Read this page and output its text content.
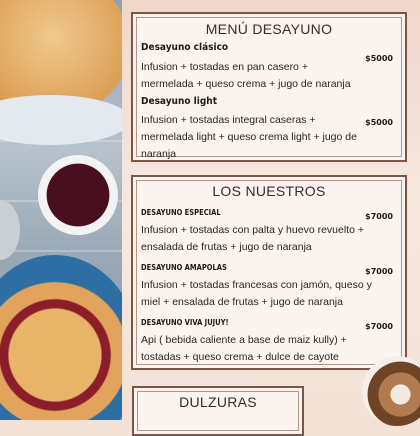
MENÚ DESAYUNO
Desayuno clásico
Infusion + tostadas en pan casero + mermelada + queso crema + jugo de naranja
$5000
Desayuno light
Infusion + tostadas integral caseras + mermelada light + queso crema light + jugo de naranja
$5000
LOS NUESTROS
DESAYUNO ESPECIAL
Infusion + tostadas con palta y huevo revuelto + ensalada de frutas + jugo de naranja
$7000
DESAYUNO AMAPOLAS
Infusion + tostadas francesas con jamón, queso y miel + ensalada de frutas + jugo de naranja
$7000
DESAYUNO VIVA JUJUY!
Api ( bebida caliente a base de maiz kully) + tostadas + queso crema + dulce de cayote
$7000
DULZURAS
